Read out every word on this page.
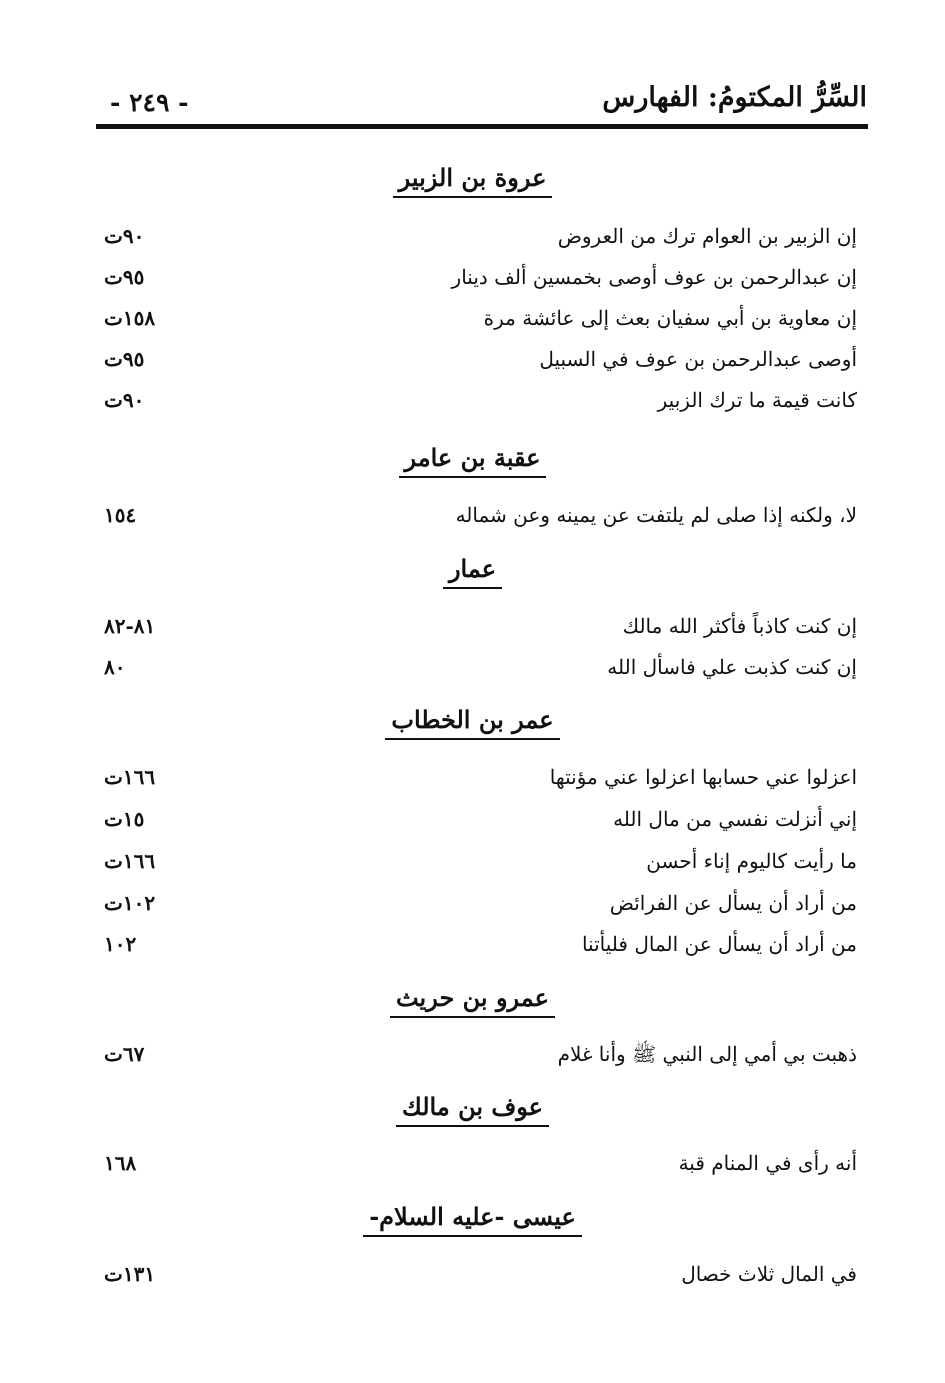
السِّرُّ المكتومُ: الفهارس
- ٢٤٩ -
عروة بن الزبير
إن الزبير بن العوام ترك من العروض
٩٠ت
إن عبدالرحمن بن عوف أوصى بخمسين ألف دينار
٩٥ت
إن معاوية بن أبي سفيان بعث إلى عائشة مرة
١٥٨ت
أوصى عبدالرحمن بن عوف في السبيل
٩٥ت
كانت قيمة ما ترك الزبير
٩٠ت
عقبة بن عامر
لا، ولكنه إذا صلى لم يلتفت عن يمينه وعن شماله
١٥٤
عمار
إن كنت كاذباً فأكثر الله مالك
٨١-٨٢
إن كنت كذبت علي فاسأل الله
٨٠
عمر بن الخطاب
اعزلوا عني حسابها اعزلوا عني مؤنتها
١٦٦ت
إني أنزلت نفسي من مال الله
١٥ت
ما رأيت كاليوم إناء أحسن
١٦٦ت
من أراد أن يسأل عن الفرائض
١٠٢ت
من أراد أن يسأل عن المال فليأتنا
١٠٢
عمرو بن حريث
ذهبت بي أمي إلى النبي ﷺ وأنا غلام
٦٧ت
عوف بن مالك
أنه رأى في المنام قبة
١٦٨
عيسى -عليه السلام-
في المال ثلاث خصال
١٣١ت
